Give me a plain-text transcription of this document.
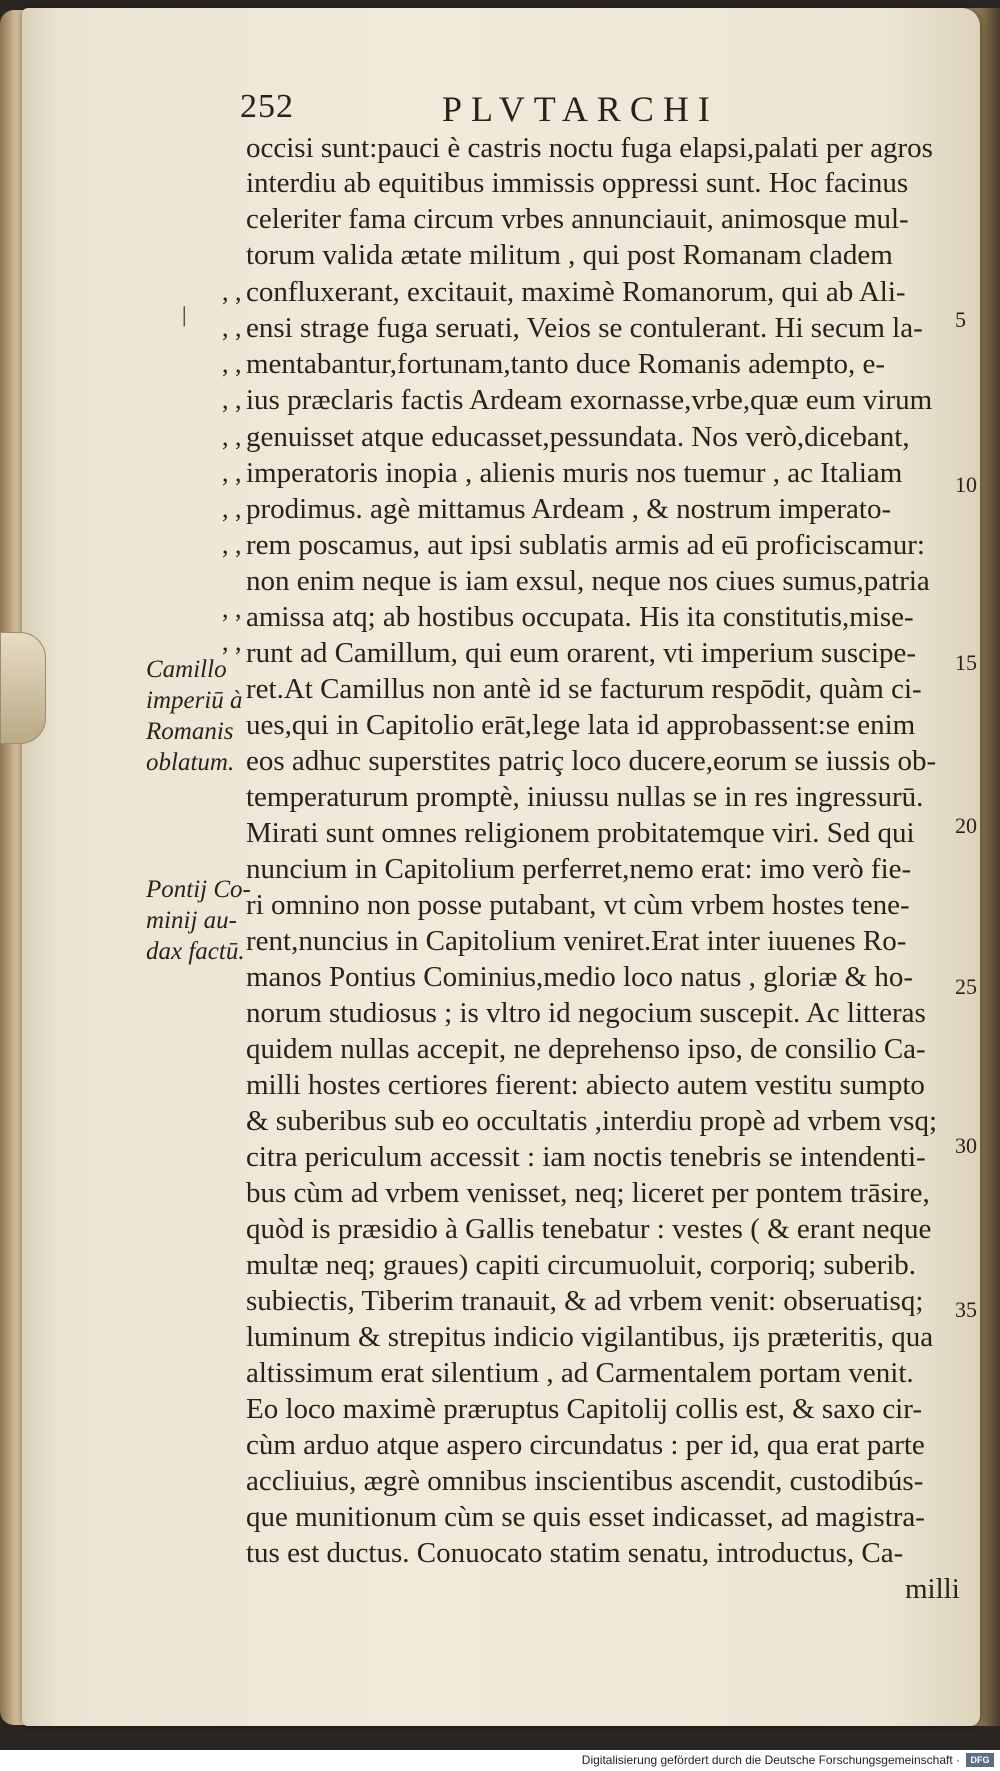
252	PLVTARCHI
|
occisi sunt:pauci è castris noctu fuga elapsi,palati per agros
interdiu ab equitibus immissis oppressi sunt. Hoc facinus
celeriter fama circum vrbes annunciauit, animosque mul-
torum valida ætate militum , qui post Romanam cladem
confluxerant, excitauit, maximè Romanorum, qui ab Ali-
ensi strage fuga seruati, Veios se contulerant. Hi secum la-
mentabantur,fortunam,tanto duce Romanis adempto, e-
ius præclaris factis Ardeam exornasse,vrbe,quæ eum virum
genuisset atque educasset,pessundata. Nos verò,dicebant,
imperatoris inopia , alienis muris nos tuemur , ac Italiam
prodimus. agè mittamus Ardeam , & nostrum imperato-
rem poscamus, aut ipsi sublatis armis ad eū proficiscamur:
non enim neque is iam exsul, neque nos ciues sumus,patria
amissa atq; ab hostibus occupata. His ita constitutis,mise-
runt ad Camillum, qui eum orarent, vti imperium suscipe-
ret.At Camillus non antè id se facturum respōdit, quàm ci-
ues,qui in Capitolio erāt,lege lata id approbassent:se enim
eos adhuc superstites patriç loco ducere,eorum se iussis ob-
temperaturum promptè, iniussu nullas se in res ingressurū.
Mirati sunt omnes religionem probitatemque viri. Sed qui
nuncium in Capitolium perferret,nemo erat: imo verò fie-
ri omnino non posse putabant, vt cùm vrbem hostes tene-
rent,nuncius in Capitolium veniret.Erat inter iuuenes Ro-
manos Pontius Cominius,medio loco natus , gloriæ & ho-
norum studiosus ; is vltro id negocium suscepit. Ac litteras
quidem nullas accepit, ne deprehenso ipso, de consilio Ca-
milli hostes certiores fierent: abiecto autem vestitu sumpto
& suberibus sub eo occultatis ,interdiu propè ad vrbem vsq;
citra periculum accessit : iam noctis tenebris se intendenti-
bus cùm ad vrbem venisset, neq; liceret per pontem trāsire,
quòd is præsidio à Gallis tenebatur : vestes ( & erant neque
multæ neq; graues) capiti circumuoluit, corporiq; suberib.
subiectis, Tiberim tranauit, & ad vrbem venit: obseruatisq;
luminum & strepitus indicio vigilantibus, ijs præteritis, qua
altissimum erat silentium , ad Carmentalem portam venit.
Eo loco maximè præruptus Capitolij collis est, & saxo cir-
cùm arduo atque aspero circundatus : per id, qua erat parte
accliuius, ægrè omnibus inscientibus ascendit, custodibús-
que munitionum cùm se quis esset indicasset, ad magistra-
tus est ductus. Conuocato statim senatu, introductus, Ca-
milli
, ,
, ,
, ,
, ,
, ,
, ,
, ,
, ,
, ,
, ,
5
10
15
20
25
30
35
Camillo
imperiū à
Romanis
oblatum.
Pontij Co-
minij au-
dax factū.
Digitalisierung gefördert durch die Deutsche Forschungsgemeinschaft ·	DFG
